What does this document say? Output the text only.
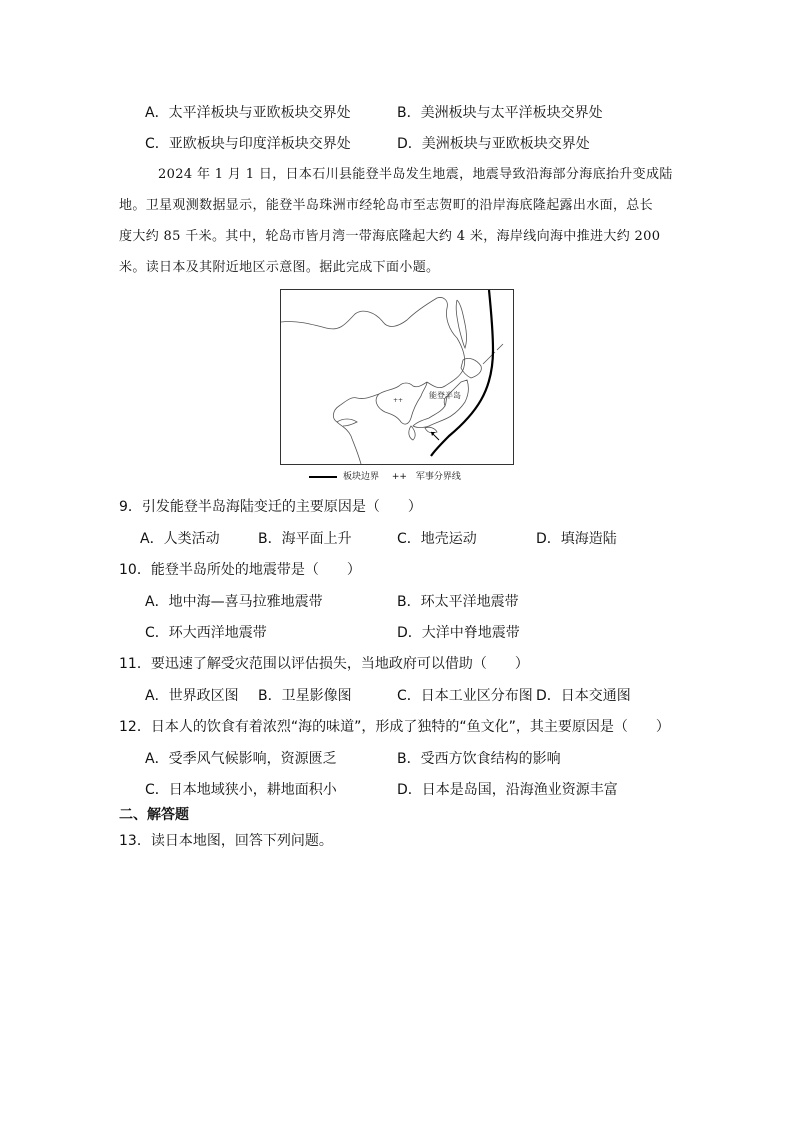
A．太平洋板块与亚欧板块交界处	B．美洲板块与太平洋板块交界处
C．亚欧板块与印度洋板块交界处	D．美洲板块与亚欧板块交界处
2024 年 1 月 1 日，日本石川县能登半岛发生地震，地震导致沿海部分海底抬升变成陆
地。卫星观测数据显示，能登半岛珠洲市经轮岛市至志贺町的沿岸海底隆起露出水面，总长
度大约 85 千米。其中，轮岛市皆月湾一带海底隆起大约 4 米，海岸线向海中推进大约 200
米。读日本及其附近地区示意图。据此完成下面小题。
++
能登半岛
板块边界 ++ 军事分界线
9．引发能登半岛海陆变迁的主要原因是（　　）
A．人类活动	B．海平面上升	C．地壳运动	D．填海造陆
10．能登半岛所处的地震带是（　　）
A．地中海—喜马拉雅地震带	B．环太平洋地震带
C．环大西洋地震带	D．大洋中脊地震带
11．要迅速了解受灾范围以评估损失，当地政府可以借助（　　）
A．世界政区图 B．卫星影像图	C．日本工业区分布图 D．日本交通图
12．日本人的饮食有着浓烈“海的味道”，形成了独特的“鱼文化”，其主要原因是（　　）
A．受季风气候影响，资源匮乏	B．受西方饮食结构的影响
C．日本地域狭小，耕地面积小	D．日本是岛国，沿海渔业资源丰富
二、解答题
13．读日本地图，回答下列问题。
